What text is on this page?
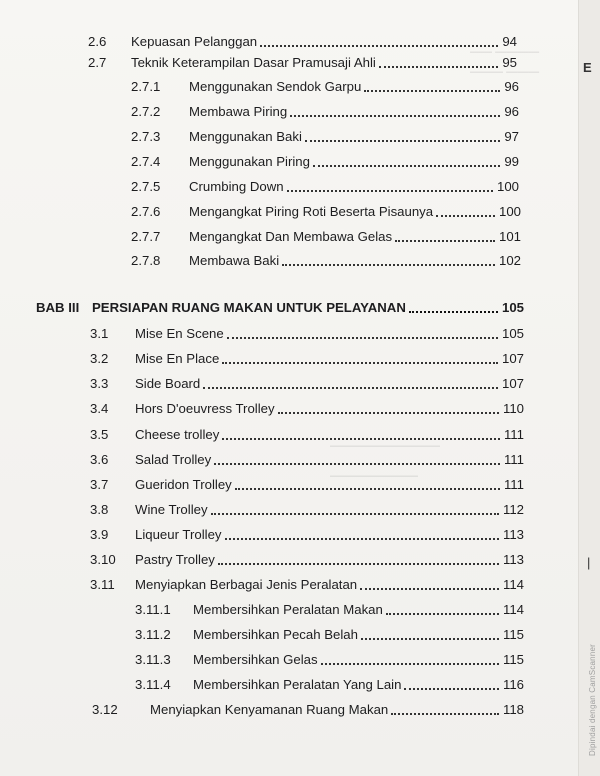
———— ——
——— ———
——————————
————————
2.6	Kepuasan Pelanggan	94
2.7	Teknik Keterampilan Dasar Pramusaji Ahli	95
2.7.1	Menggunakan Sendok Garpu	96
2.7.2	Membawa Piring	96
2.7.3	Menggunakan Baki	97
2.7.4	Menggunakan Piring	99
2.7.5	Crumbing Down	100
2.7.6	Mengangkat Piring Roti Beserta Pisaunya	100
2.7.7	Mengangkat Dan Membawa Gelas	101
2.7.8	Membawa Baki	102
BAB III PERSIAPAN RUANG MAKAN UNTUK PELAYANAN	105
3.1	Mise En Scene	105
3.2	Mise En Place	107
3.3	Side Board	107
3.4	Hors D'oeuvress Trolley	110
3.5	Cheese trolley	111
3.6	Salad Trolley	111
3.7	Gueridon Trolley	111
3.8	Wine Trolley	112
3.9	Liqueur Trolley	113
3.10	Pastry Trolley	113
3.11	Menyiapkan Berbagai Jenis Peralatan	114
3.11.1	Membersihkan Peralatan Makan	114
3.11.2	Membersihkan Pecah Belah	115
3.11.3	Membersihkan Gelas	115
3.11.4	Membersihkan Peralatan Yang Lain	116
3.12	Menyiapkan Kenyamanan Ruang Makan	118
E
|
Dipindai dengan CamScanner
